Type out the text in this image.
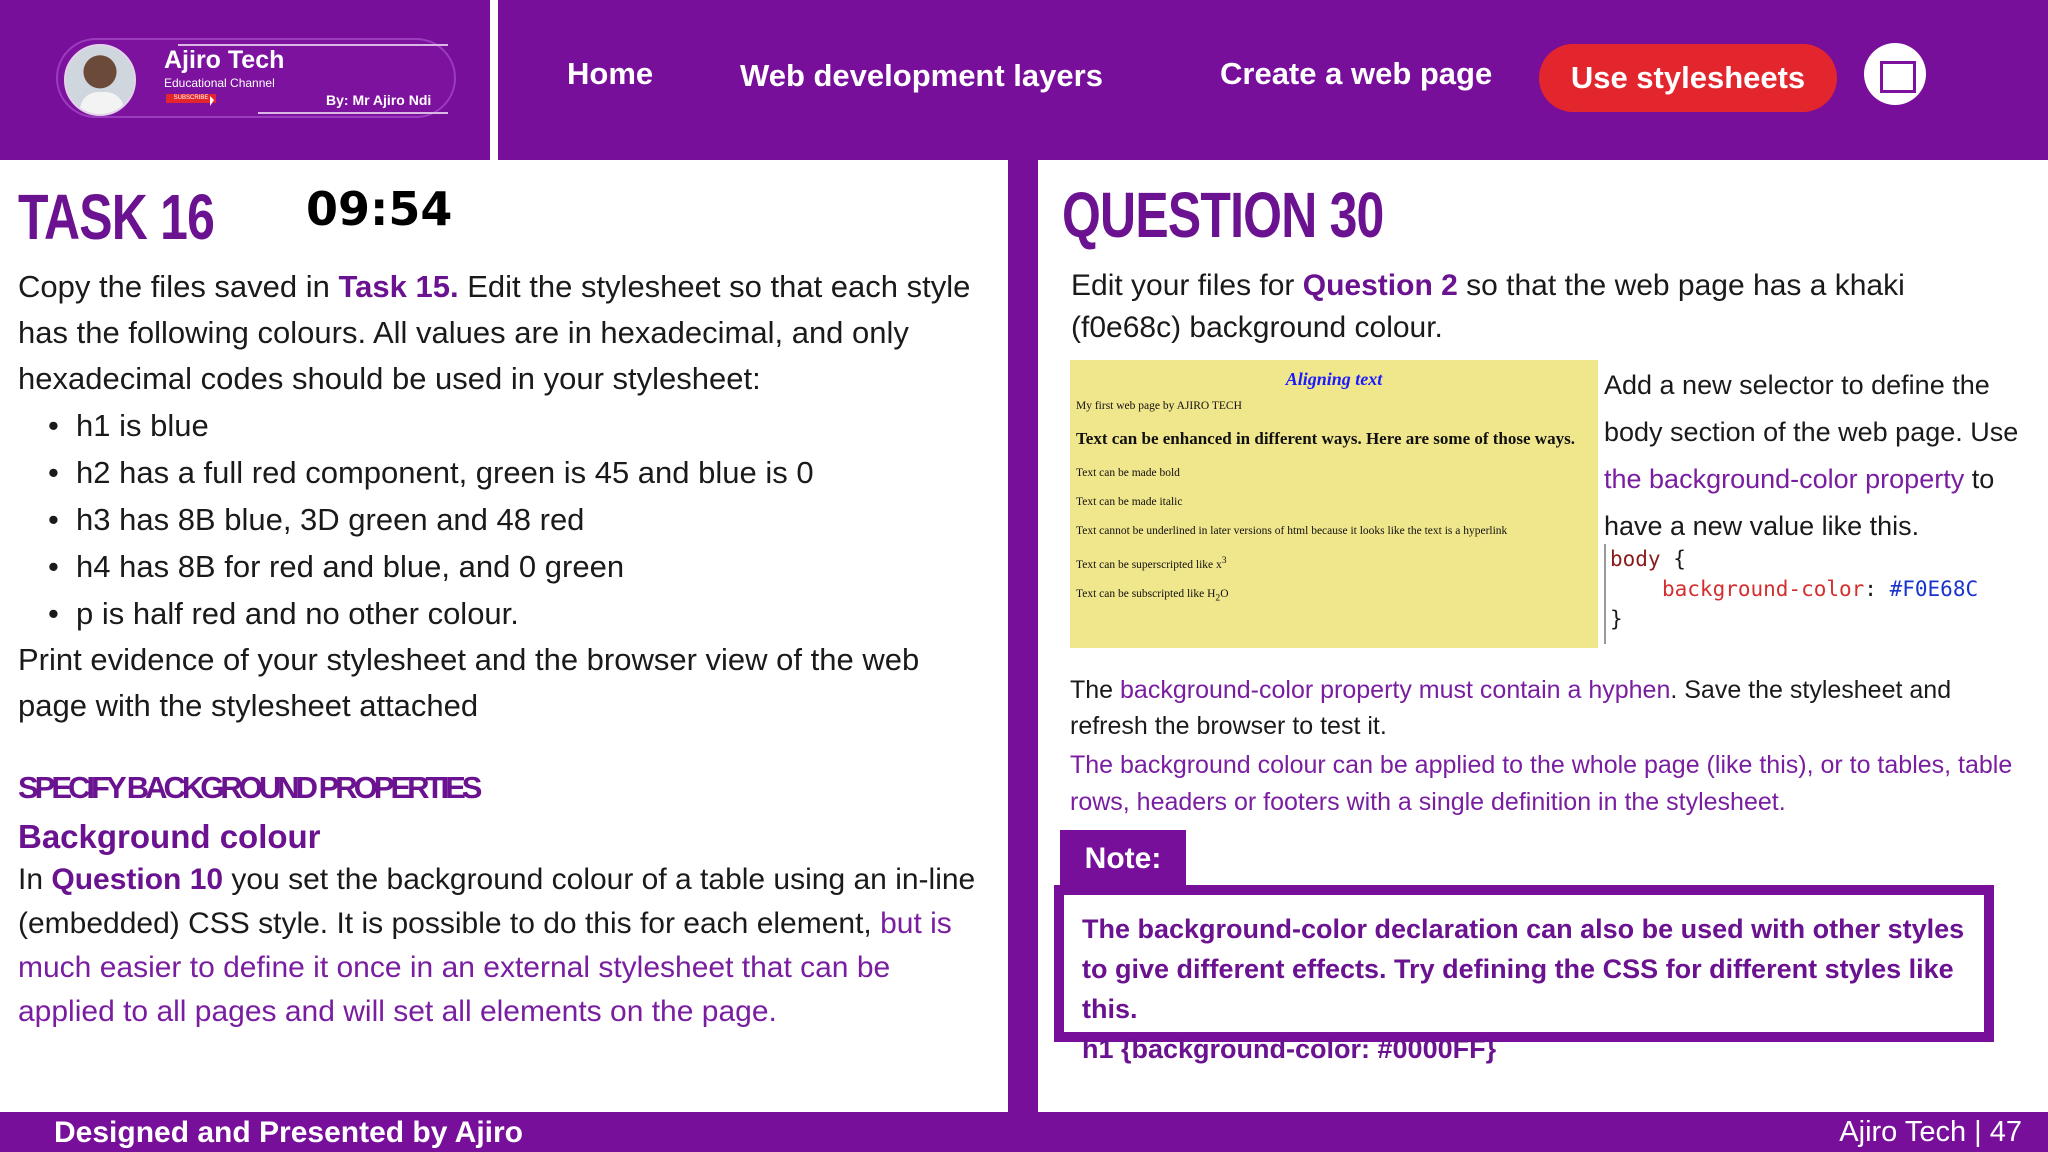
Ajiro Tech
Educational Channel
SUBSCRIBE	By: Mr Ajiro Ndi
Home	Web development layers	Create a web page	Use stylesheets
TASK 16 09:54
Copy the files saved in Task 15. Edit the stylesheet so that each style has the following colours. All values are in hexadecimal, and only hexadecimal codes should be used in your stylesheet:
• h1 is blue
• h2 has a full red component, green is 45 and blue is 0
• h3 has 8B blue, 3D green and 48 red
• h4 has 8B for red and blue, and 0 green
• p is half red and no other colour.
Print evidence of your stylesheet and the browser view of the web page with the stylesheet attached
SPECIFY BACKGROUND PROPERTIES
Background colour
In Question 10 you set the background colour of a table using an in-line (embedded) CSS style. It is possible to do this for each element, but is much easier to define it once in an external stylesheet that can be applied to all pages and will set all elements on the page.
QUESTION 30
Edit your files for Question 2 so that the web page has a khaki (f0e68c) background colour.
Aligning text
My first web page by AJIRO TECH
Text can be enhanced in different ways. Here are some of those ways.
Text can be made bold
Text can be made italic
Text cannot be underlined in later versions of html because it looks like the text is a hyperlink
Text can be superscripted like $x^3$
Text can be subscripted like $H_2O$
Add a new selector to define the body section of the web page. Use the background-color property to have a new value like this.
body {
background-color: #F0E68C
}
The background-color property must contain a hyphen. Save the stylesheet and refresh the browser to test it.
The background colour can be applied to the whole page (like this), or to tables, table rows, headers or footers with a single definition in the stylesheet.
Note:
The background-color declaration can also be used with other styles to give different effects. Try defining the CSS for different styles like this.
h1 {background-color: #0000FF}
Designed and Presented by Ajiro	Ajiro Tech | 47
